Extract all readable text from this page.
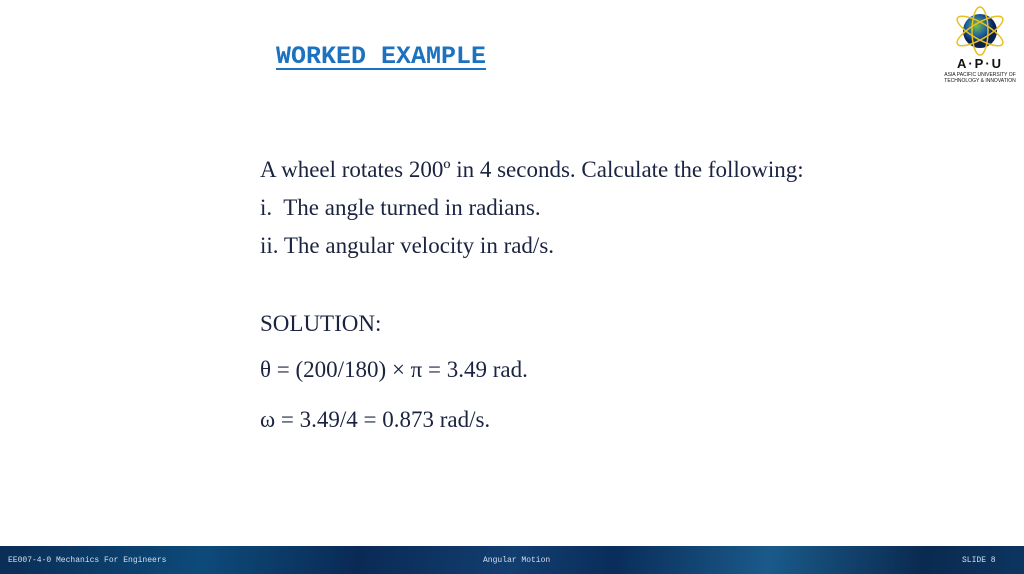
WORKED EXAMPLE	A·P·U
ASIA PACIFIC UNIVERSITY OF TECHNOLOGY & INNOVATION
A wheel rotates 200º in 4 seconds. Calculate the following:
i.  The angle turned in radians.
ii. The angular velocity in rad/s.
SOLUTION:
θ = (200/180) × π = 3.49 rad.
ω = 3.49/4 = 0.873 rad/s.
EE007-4-0 Mechanics For Engineers	Angular Motion	SLIDE 8
